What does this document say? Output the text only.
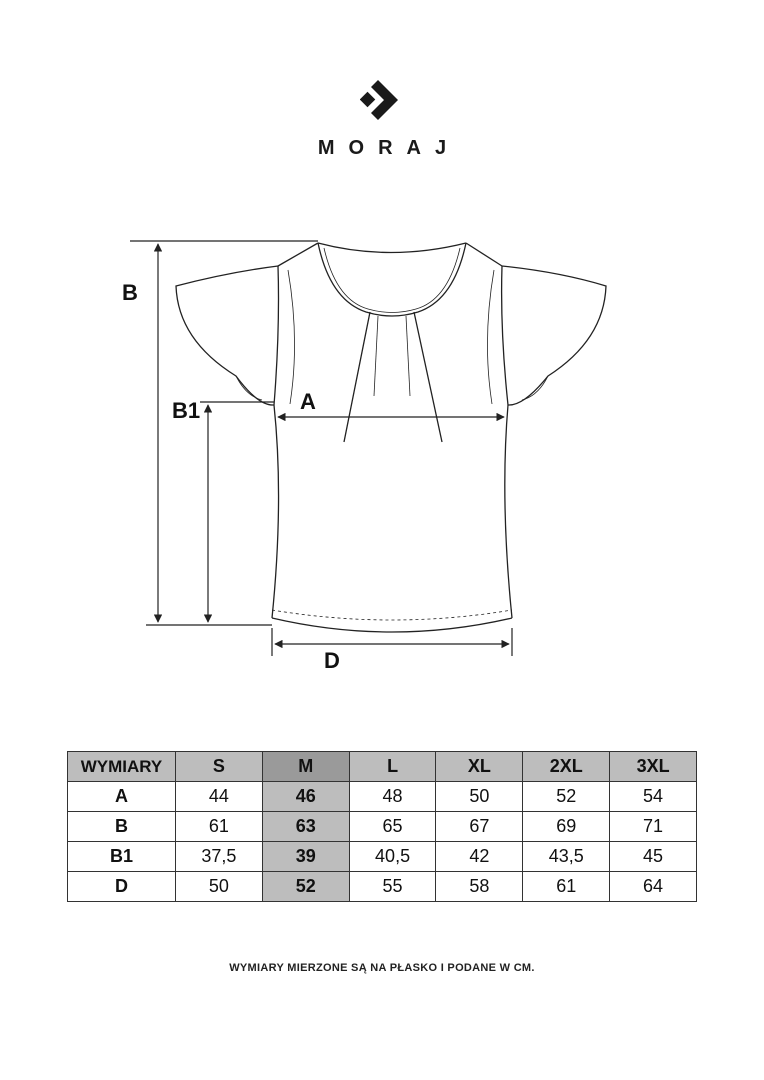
MORAJ
B
B1	A
D
WYMIARY	S	M	L	XL	2XL	3XL
A	44	46	48	50	52	54
B	61	63	65	67	69	71
B1	37,5	39	40,5	42	43,5	45
D	50	52	55	58	61	64
WYMIARY MIERZONE SĄ NA PŁASKO I PODANE W CM.
